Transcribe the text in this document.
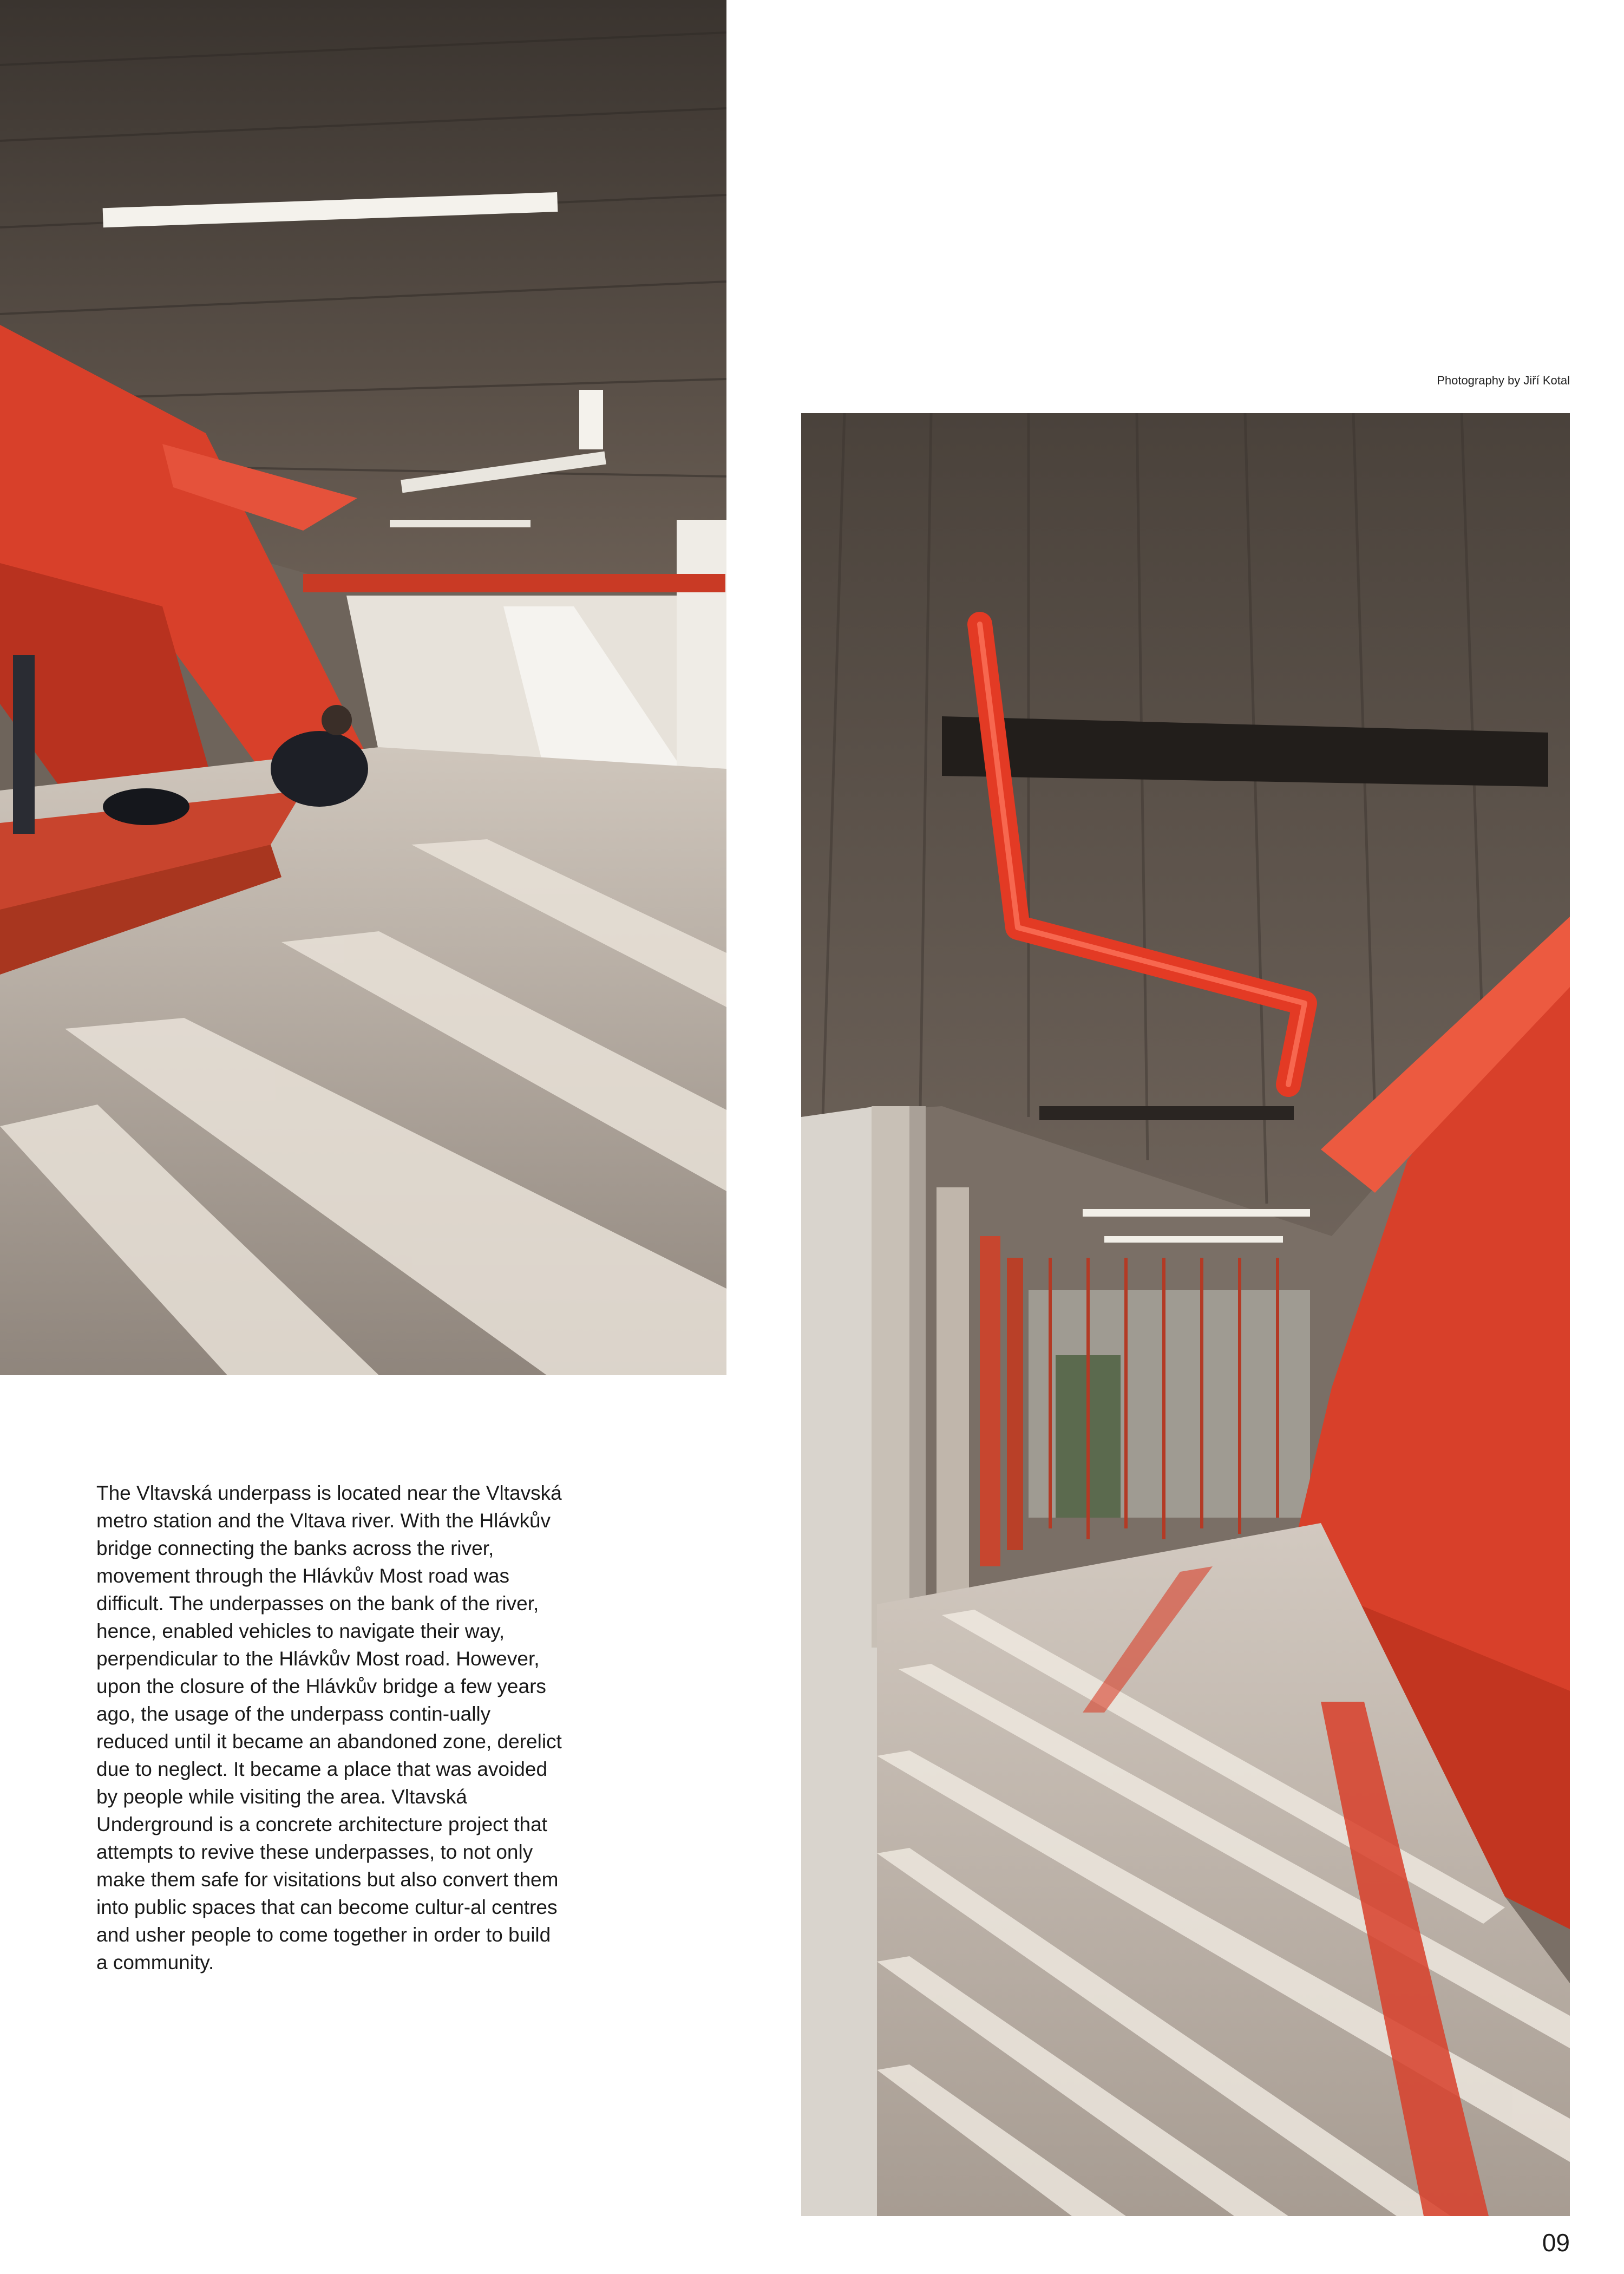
Photography by Jiří Kotal

The Vltavská underpass is located near the Vltavská metro station and the Vltava river. With the Hlávkův bridge connecting the banks across the river, movement through the Hlávkův Most road was difficult. The underpasses on the bank of the river, hence, enabled vehicles to navigate their way, perpendicular to the Hlávkův Most road. However, upon the closure of the Hlávkův bridge a few years ago, the usage of the underpass contin-ually reduced until it became an abandoned zone, derelict due to neglect. It became a place that was avoided by people while visiting the area. Vltavská Underground is a concrete architecture project that attempts to revive these underpasses, to not only make them safe for visitations but also convert them into public spaces that can become cultur-al centres and usher people to come together in order to build a community.

09
